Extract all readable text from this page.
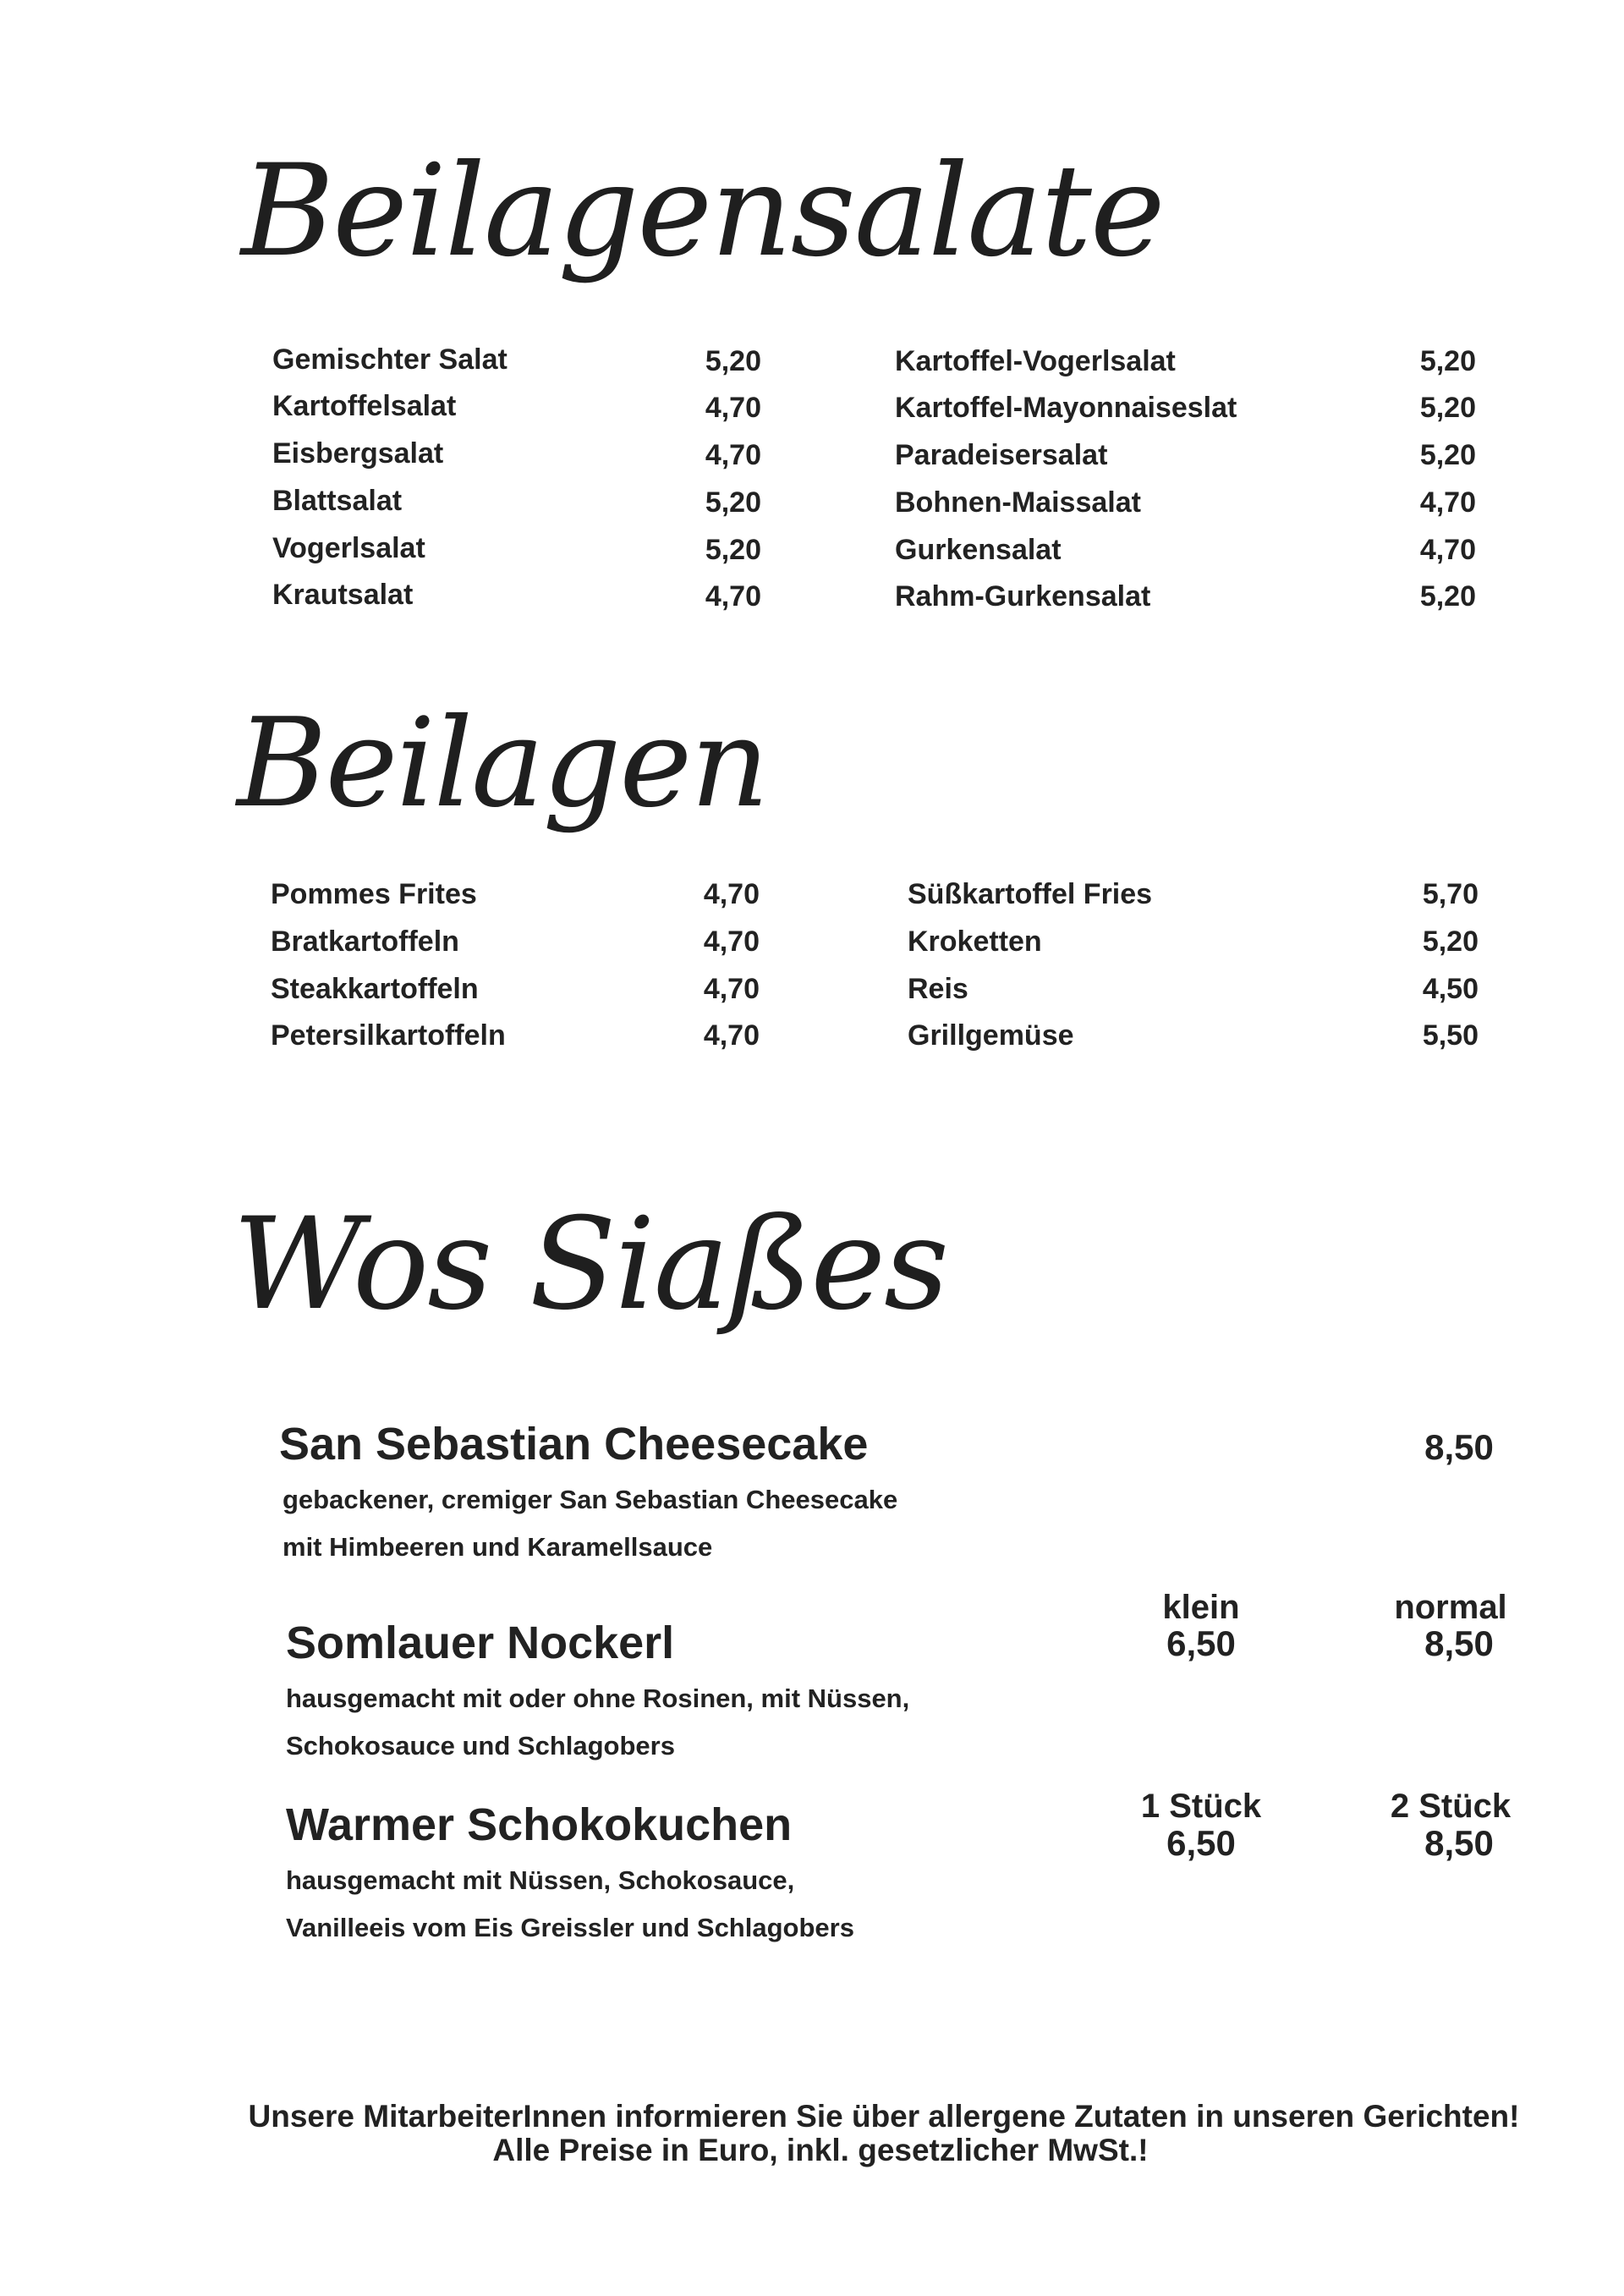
Beilagensalate
Gemischter Salat	5,20
Kartoffelsalat	4,70
Eisbergsalat	4,70
Blattsalat	5,20
Vogerlsalat	5,20
Krautsalat	4,70
Kartoffel-Vogerlsalat	5,20
Kartoffel-Mayonnaiseslat	5,20
Paradeisersalat	5,20
Bohnen-Maissalat	4,70
Gurkensalat	4,70
Rahm-Gurkensalat	5,20
Beilagen
Pommes Frites	4,70
Bratkartoffeln	4,70
Steakkartoffeln	4,70
Petersilkartoffeln	4,70
Süßkartoffel Fries	5,70
Kroketten	5,20
Reis	4,50
Grillgemüse	5,50
Wos Siaßes
San Sebastian Cheesecake
gebackener, cremiger San Sebastian Cheesecake
mit Himbeeren und Karamellsauce
8,50
Somlauer Nockerl
hausgemacht mit oder ohne Rosinen, mit Nüssen,
Schokosauce und Schlagobers
klein
6,50
normal
8,50
Warmer Schokokuchen
hausgemacht mit Nüssen, Schokosauce,
Vanilleeis vom Eis Greissler und Schlagobers
1 Stück
6,50
2 Stück
8,50
Unsere MitarbeiterInnen informieren Sie über allergene Zutaten in unseren Gerichten!
Alle Preise in Euro, inkl. gesetzlicher MwSt.!
